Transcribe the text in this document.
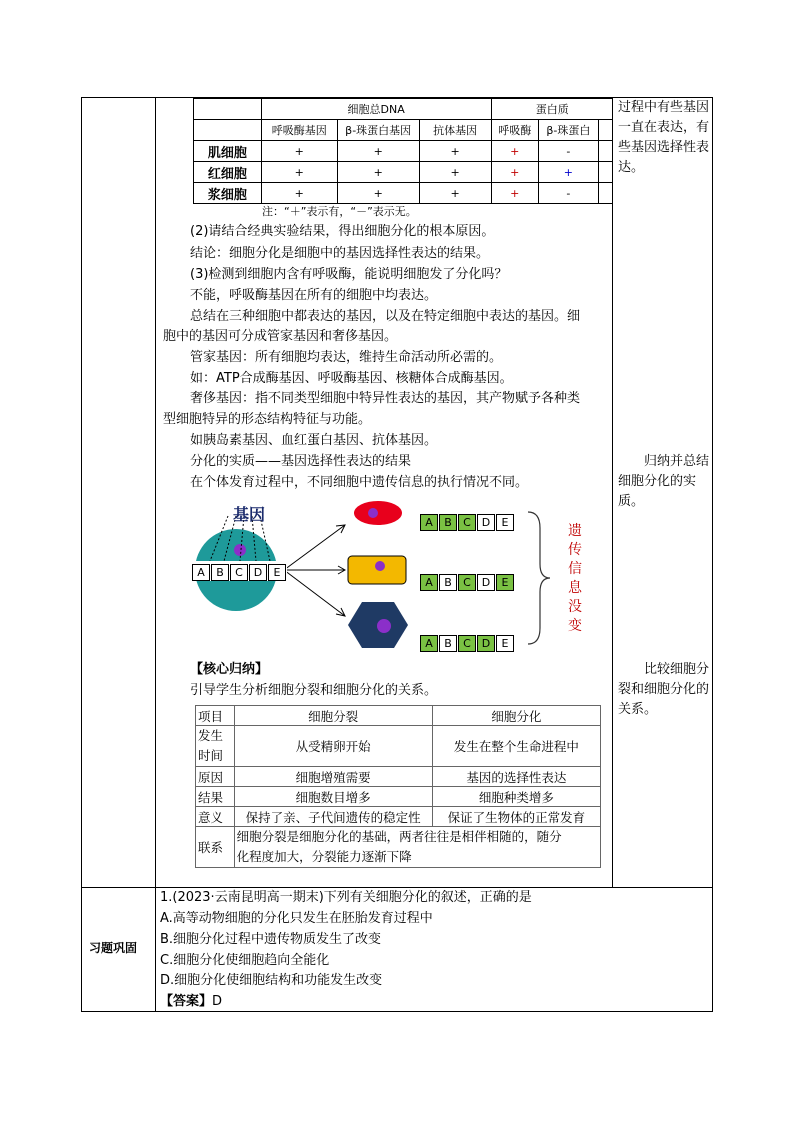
	细胞总DNA			蛋白质		
	呼吸酶基因	β-珠蛋白基因	抗体基因	呼吸酶	β-珠蛋白	
肌细胞	+	+	+	+	-	
红细胞	+	+	+	+	+	
浆细胞	+	+	+	+	-	
注：“＋”表示有，“－”表示无。
(2)请结合经典实验结果，得出细胞分化的根本原因。
结论：细胞分化是细胞中的基因选择性表达的结果。
(3)检测到细胞内含有呼吸酶，能说明细胞发了分化吗？
不能，呼吸酶基因在所有的细胞中均表达。
总结在三种细胞中都表达的基因，以及在特定细胞中表达的基因。细
胞中的基因可分成管家基因和奢侈基因。
管家基因：所有细胞均表达，维持生命活动所必需的。
如：ATP合成酶基因、呼吸酶基因、核糖体合成酶基因。
奢侈基因：指不同类型细胞中特异性表达的基因，其产物赋予各种类
型细胞特异的形态结构特征与功能。
如胰岛素基因、血红蛋白基因、抗体基因。
分化的实质——基因选择性表达的结果
在个体发育过程中，不同细胞中遗传信息的执行情况不同。
基因
A B C D E
A B C D E
A B C D E
A B C D E
遗
传
信
息
没
变
【核心归纳】
引导学生分析细胞分裂和细胞分化的关系。
项目	细胞分裂	细胞分化
发生时间	从受精卵开始	发生在整个生命进程中
原因	细胞增殖需要	基因的选择性表达
结果	细胞数目增多	细胞种类增多
意义	保持了亲、子代间遗传的稳定性	保证了生物体的正常发育
联系	细胞分裂是细胞分化的基础，两者往往是相伴相随的，随分
化程度加大，分裂能力逐渐下降	
过程中有些基因一直在表达，有些基因选择性表达。
归纳并总结细胞分化的实质。
比较细胞分裂和细胞分化的关系。
习题巩固
1.(2023·云南昆明高一期末)下列有关细胞分化的叙述，正确的是
A.高等动物细胞的分化只发生在胚胎发育过程中
B.细胞分化过程中遗传物质发生了改变
C.细胞分化使细胞趋向全能化
D.细胞分化使细胞结构和功能发生改变
【答案】D
